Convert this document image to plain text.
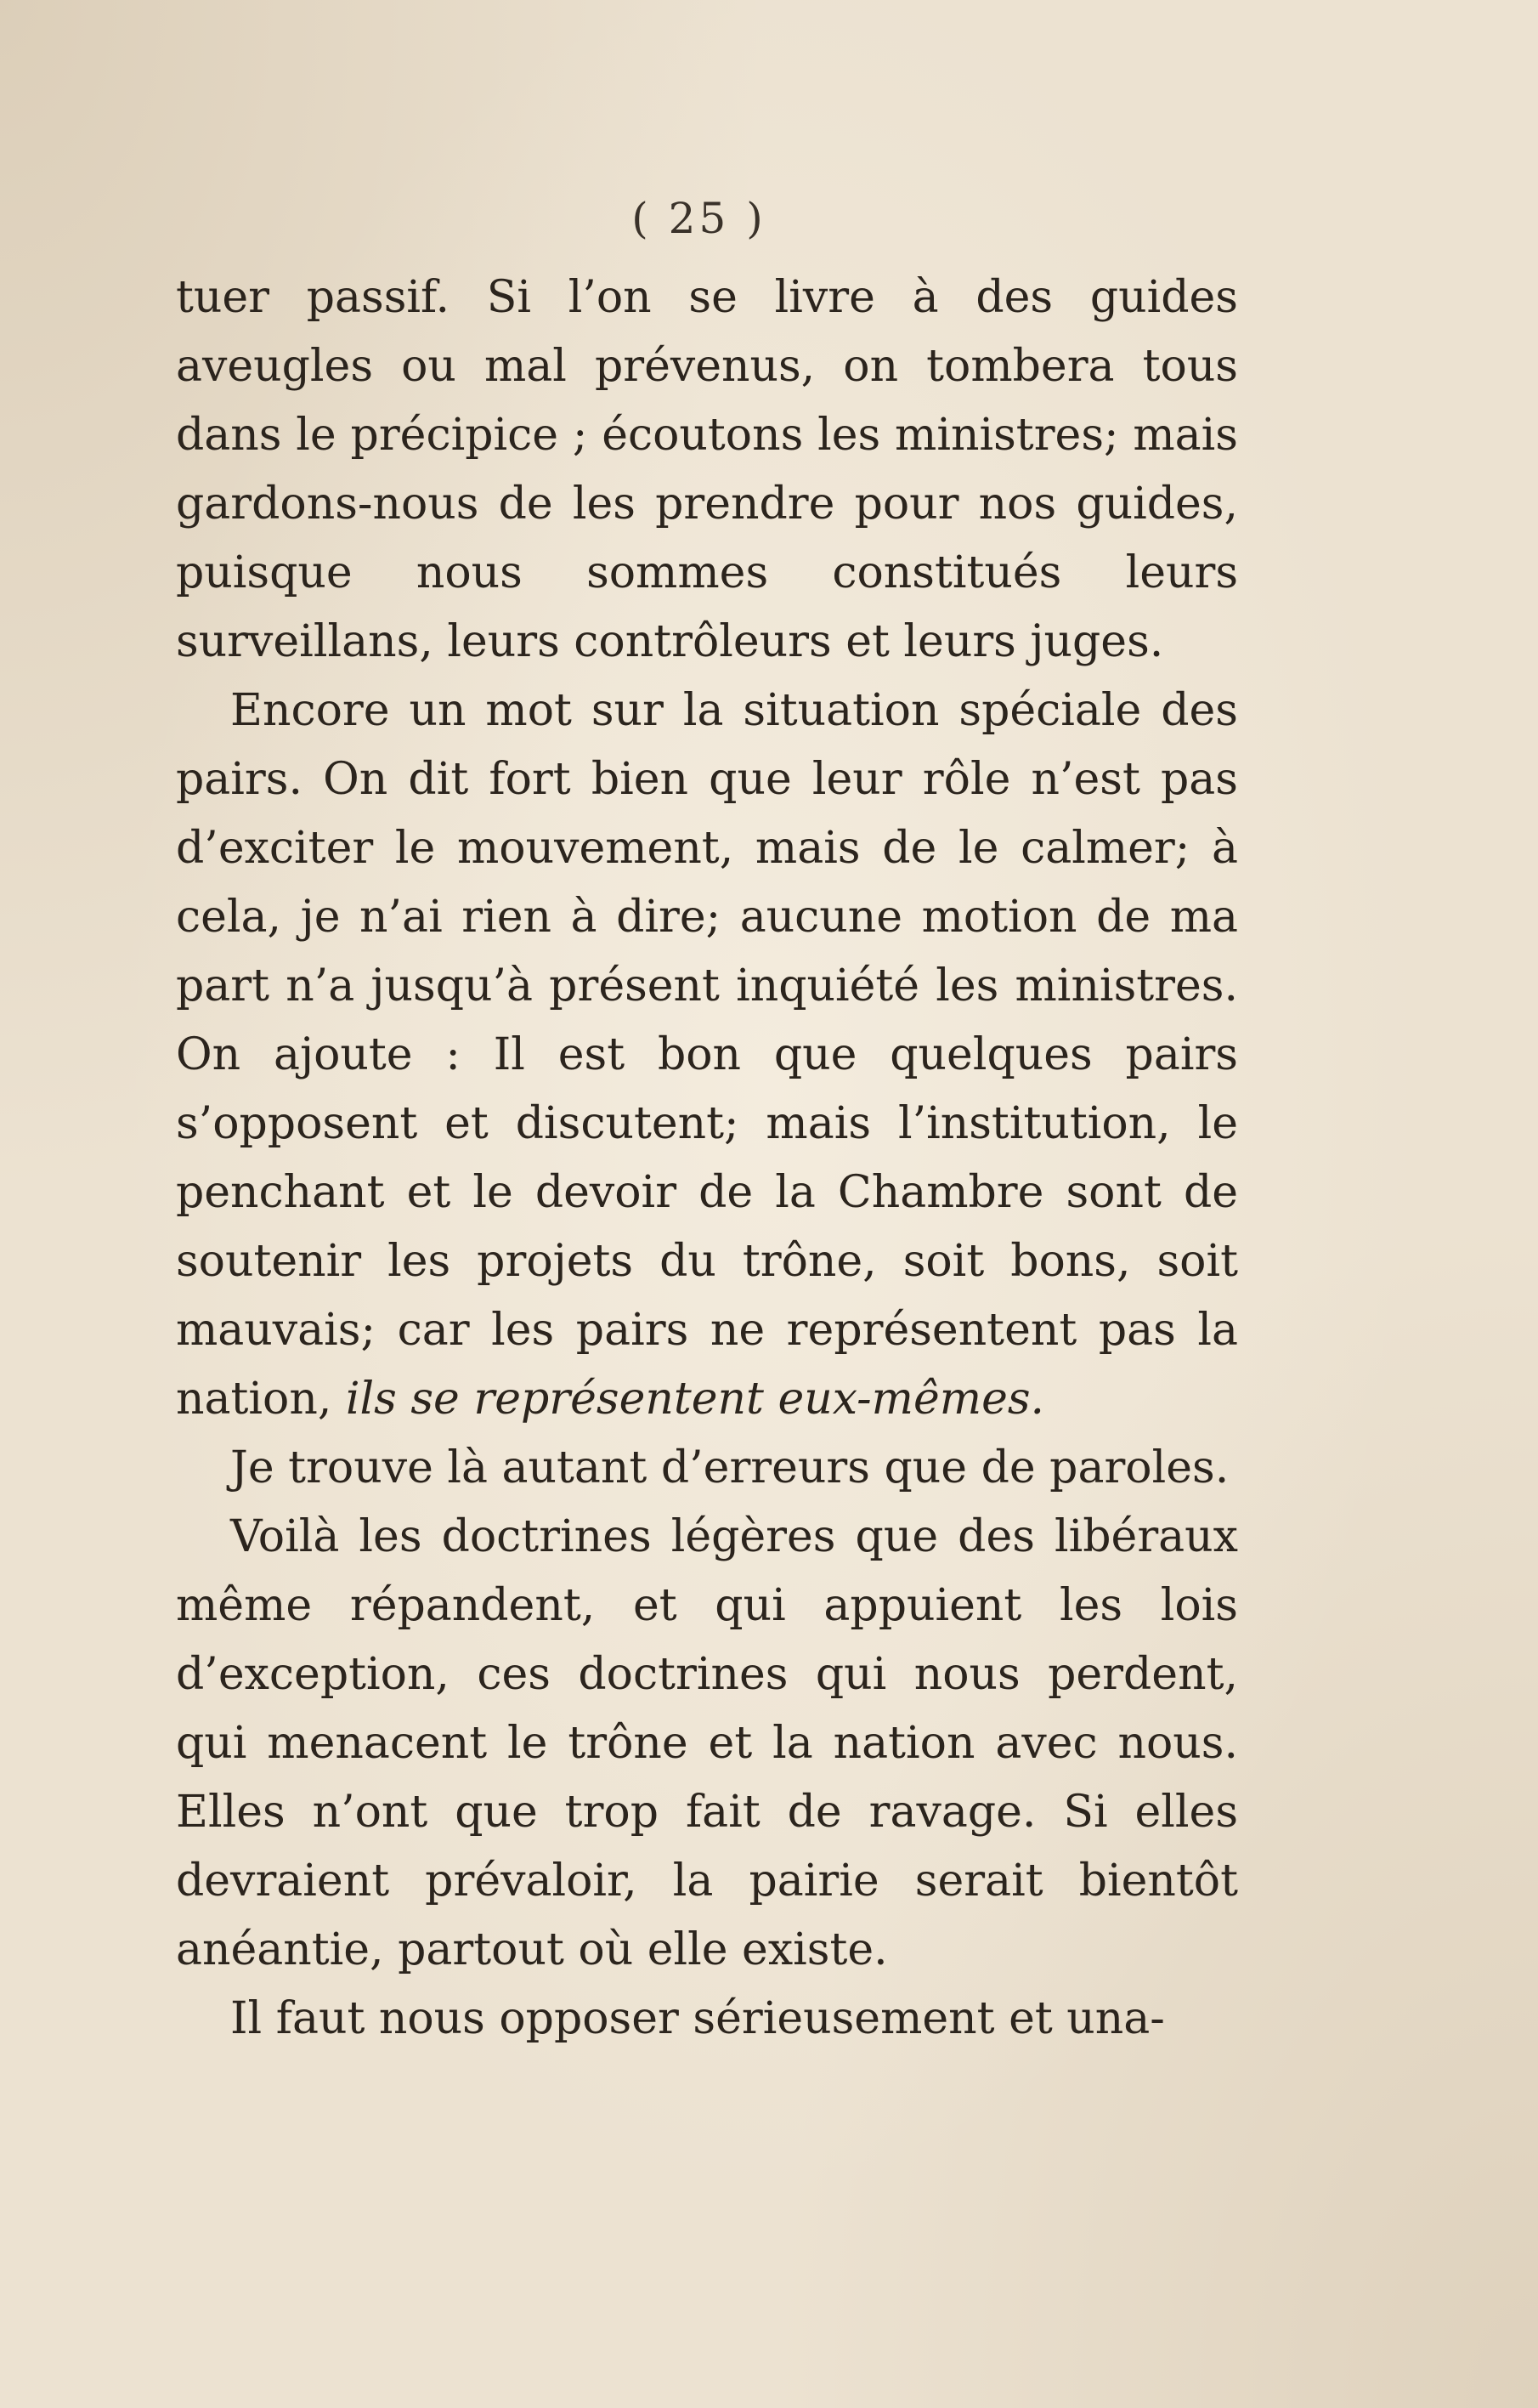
( 25 )

tuer passif. Si l’on se livre à des guides aveugles ou mal prévenus, on tombera tous dans le précipice ; écoutons les ministres; mais gardons-nous de les prendre pour nos guides, puisque nous sommes constitués leurs surveillans, leurs contrôleurs et leurs juges.

Encore un mot sur la situation spéciale des pairs. On dit fort bien que leur rôle n’est pas d’exciter le mouvement, mais de le calmer; à cela, je n’ai rien à dire; aucune motion de ma part n’a jusqu’à présent inquiété les ministres. On ajoute : Il est bon que quelques pairs s’opposent et discutent; mais l’institution, le penchant et le devoir de la Chambre sont de soutenir les projets du trône, soit bons, soit mauvais; car les pairs ne représentent pas la nation, ils se représentent eux-mêmes.

Je trouve là autant d’erreurs que de paroles.

Voilà les doctrines légères que des libéraux même répandent, et qui appuient les lois d’exception, ces doctrines qui nous perdent, qui menacent le trône et la nation avec nous. Elles n’ont que trop fait de ravage. Si elles devraient prévaloir, la pairie serait bientôt anéantie, partout où elle existe.

Il faut nous opposer sérieusement et una-
